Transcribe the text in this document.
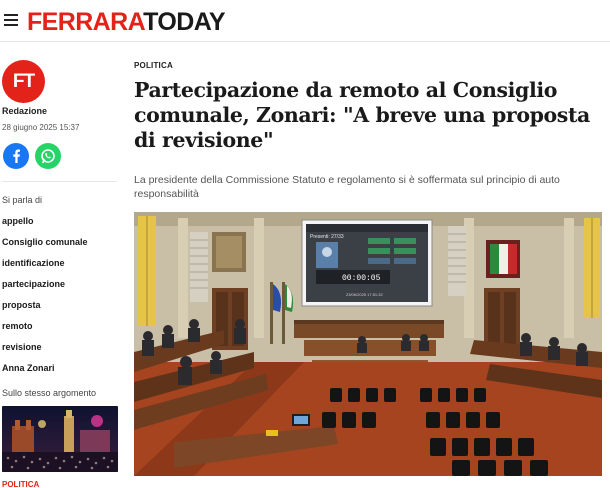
FERRARATODAY
FT
Redazione
28 giugno 2025 15:37
Si parla di
appello
Consiglio comunale
identificazione
partecipazione
proposta
remoto
revisione
Anna Zonari
Sullo stesso argomento
POLITICA
POLITICA
Partecipazione da remoto al Consiglio comunale, Zonari: "A breve una proposta di revisione"

La presidente della Commissione Statuto e regolamento si è soffermata sul principio di auto responsabilità

Presenti: 27/33
00:00:05
23/06/2025 17:51:32
